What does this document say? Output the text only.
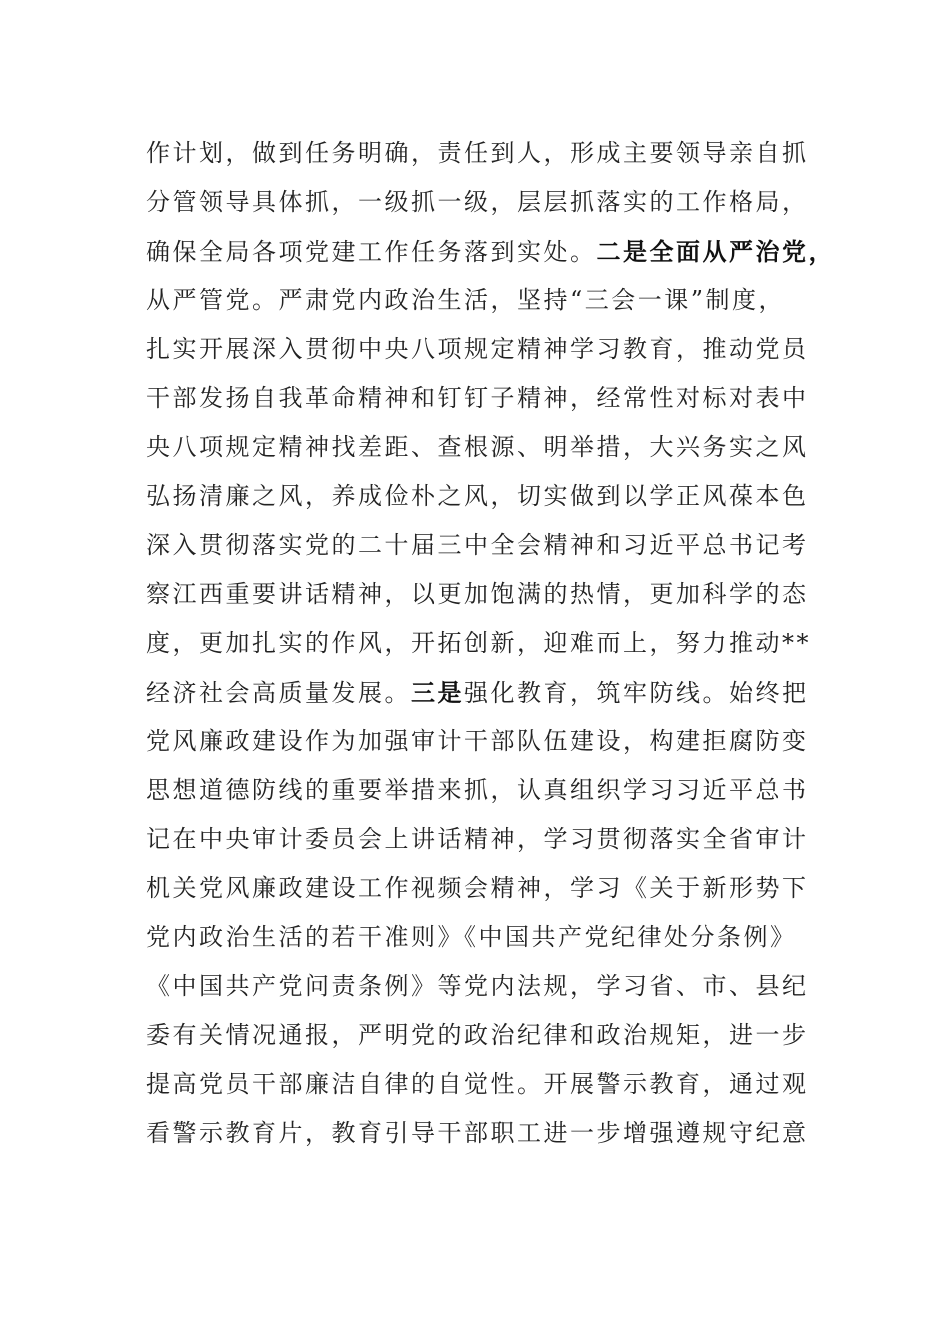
作计划，做到任务明确，责任到人，形成主要领导亲自抓
分管领导具体抓，一级抓一级，层层抓落实的工作格局，
确保全局各项党建工作任务落到实处。二是全面从严治党，
从严管党。严肃党内政治生活，坚持“三会一课”制度，
扎实开展深入贯彻中央八项规定精神学习教育，推动党员
干部发扬自我革命精神和钉钉子精神，经常性对标对表中
央八项规定精神找差距、查根源、明举措，大兴务实之风
弘扬清廉之风，养成俭朴之风，切实做到以学正风葆本色
深入贯彻落实党的二十届三中全会精神和习近平总书记考
察江西重要讲话精神，以更加饱满的热情，更加科学的态
度，更加扎实的作风，开拓创新，迎难而上，努力推动**
经济社会高质量发展。三是强化教育，筑牢防线。始终把
党风廉政建设作为加强审计干部队伍建设，构建拒腐防变
思想道德防线的重要举措来抓，认真组织学习习近平总书
记在中央审计委员会上讲话精神，学习贯彻落实全省审计
机关党风廉政建设工作视频会精神，学习《关于新形势下
党内政治生活的若干准则》《中国共产党纪律处分条例》
《中国共产党问责条例》等党内法规，学习省、市、县纪
委有关情况通报，严明党的政治纪律和政治规矩，进一步
提高党员干部廉洁自律的自觉性。开展警示教育，通过观
看警示教育片，教育引导干部职工进一步增强遵规守纪意
